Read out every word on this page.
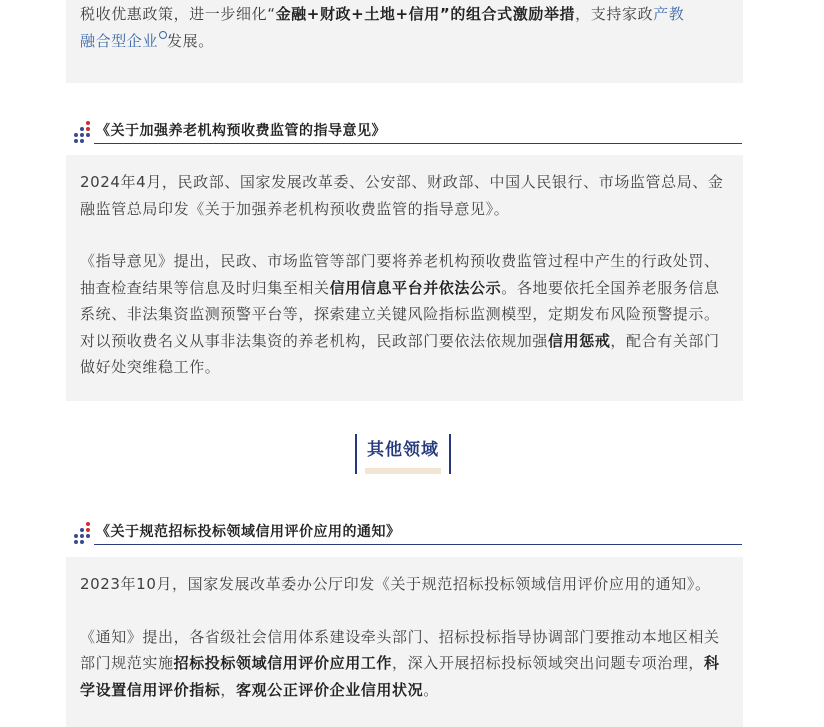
税收优惠政策，进一步细化“金融+财政+土地+信用”的组合式激励举措，支持家政产教
融合型企业 发展。

《关于加强养老机构预收费监管的指导意见》

2024年4月，民政部、国家发展改革委、公安部、财政部、中国人民银行、市场监管总局、金融监管总局印发《关于加强养老机构预收费监管的指导意见》。

《指导意见》提出，民政、市场监管等部门要将养老机构预收费监管过程中产生的行政处罚、抽查检查结果等信息及时归集至相关信用信息平台并依法公示。各地要依托全国养老服务信息系统、非法集资监测预警平台等，探索建立关键风险指标监测模型，定期发布风险预警提示。对以预收费名义从事非法集资的养老机构，民政部门要依法依规加强信用惩戒，配合有关部门做好处突维稳工作。

其他领域
《关于规范招标投标领域信用评价应用的通知》

2023年10月，国家发展改革委办公厅印发《关于规范招标投标领域信用评价应用的通知》。

《通知》提出，各省级社会信用体系建设牵头部门、招标投标指导协调部门要推动本地区相关部门规范实施招标投标领域信用评价应用工作，深入开展招标投标领域突出问题专项治理，科学设置信用评价指标，客观公正评价企业信用状况。
